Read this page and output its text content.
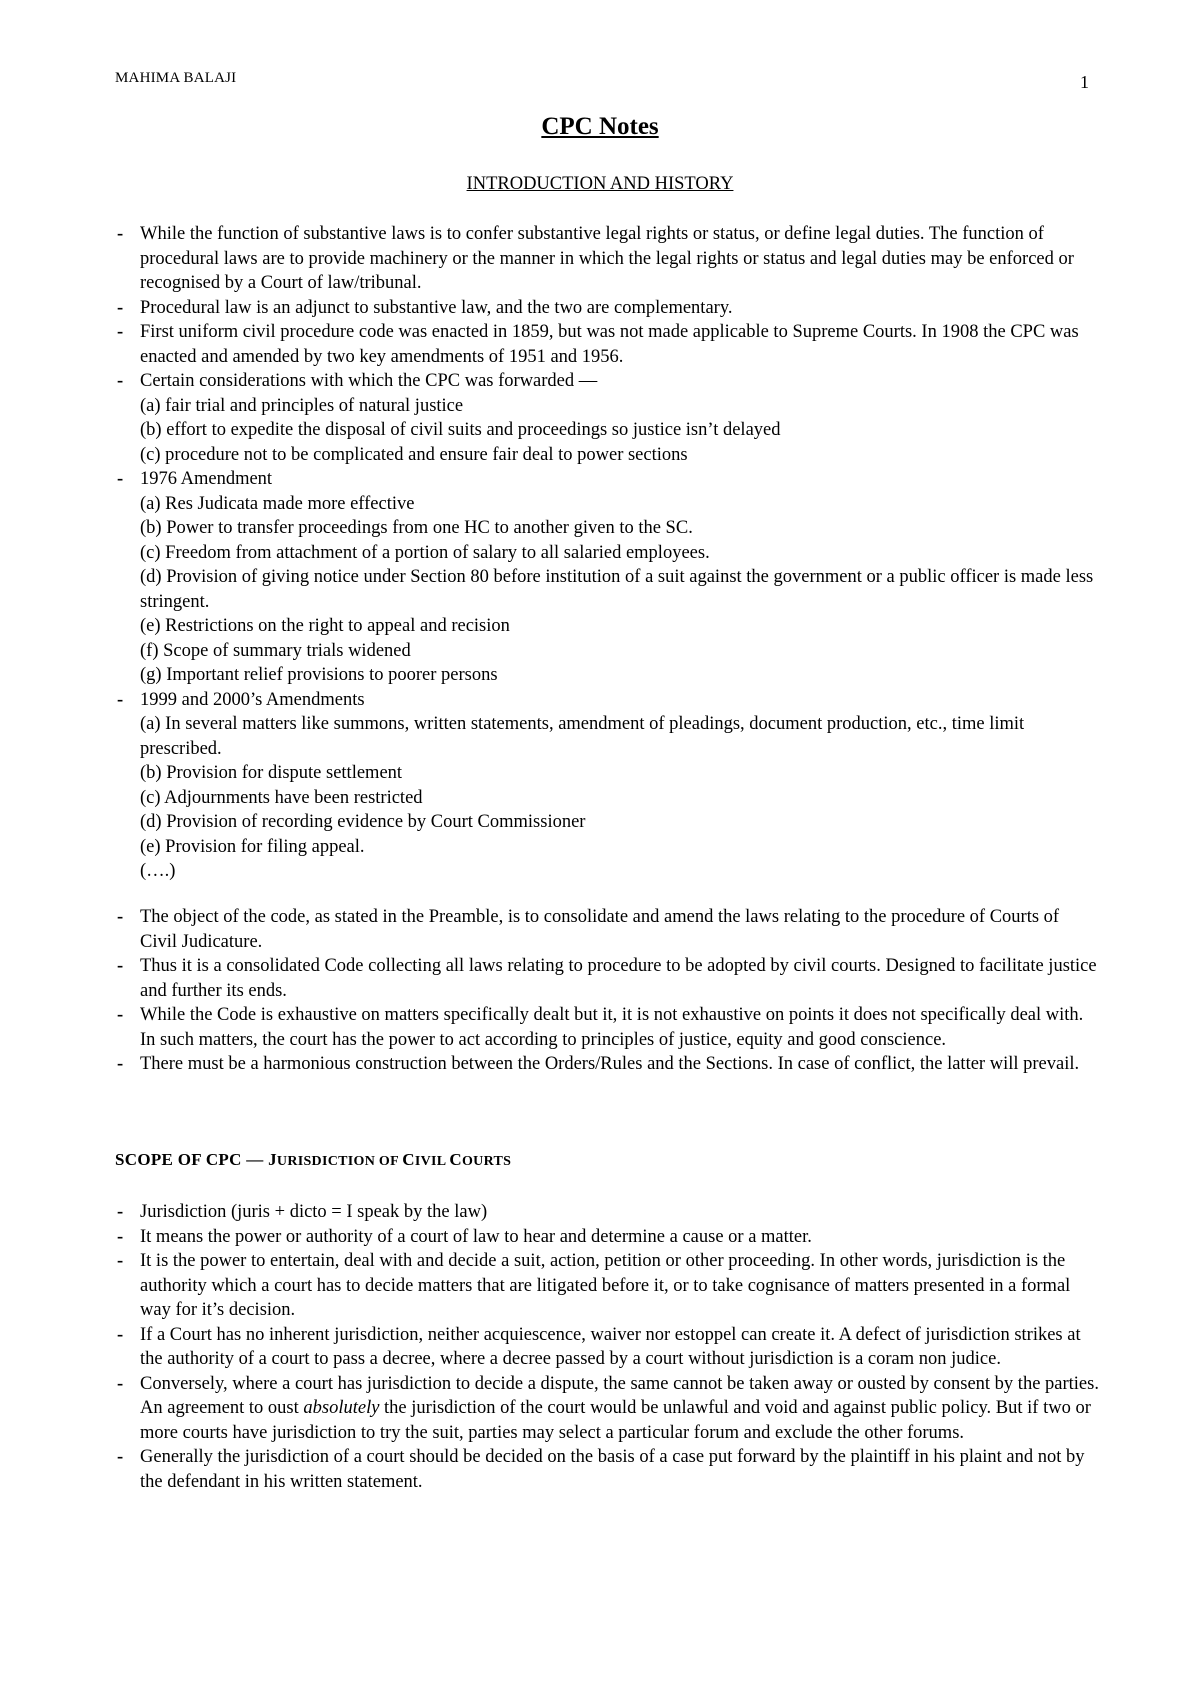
MAHIMA BALAJI	1
CPC Notes
INTRODUCTION AND HISTORY
- While the function of substantive laws is to confer substantive legal rights or status, or define legal duties. The function of procedural laws are to provide machinery or the manner in which the legal rights or status and legal duties may be enforced or recognised by a Court of law/tribunal.
- Procedural law is an adjunct to substantive law, and the two are complementary.
- First uniform civil procedure code was enacted in 1859, but was not made applicable to Supreme Courts. In 1908 the CPC was enacted and amended by two key amendments of 1951 and 1956.
- Certain considerations with which the CPC was forwarded —
(a) fair trial and principles of natural justice
(b) effort to expedite the disposal of civil suits and proceedings so justice isn’t delayed
(c) procedure not to be complicated and ensure fair deal to power sections
- 1976 Amendment
(a) Res Judicata made more effective
(b) Power to transfer proceedings from one HC to another given to the SC.
(c) Freedom from attachment of a portion of salary to all salaried employees.
(d) Provision of giving notice under Section 80 before institution of a suit against the government or a public officer is made less stringent.
(e) Restrictions on the right to appeal and recision
(f) Scope of summary trials widened
(g) Important relief provisions to poorer persons
- 1999 and 2000’s Amendments
(a) In several matters like summons, written statements, amendment of pleadings, document production, etc., time limit prescribed.
(b) Provision for dispute settlement
(c) Adjournments have been restricted
(d) Provision of recording evidence by Court Commissioner
(e) Provision for filing appeal.
(….)
- The object of the code, as stated in the Preamble, is to consolidate and amend the laws relating to the procedure of Courts of Civil Judicature.
- Thus it is a consolidated Code collecting all laws relating to procedure to be adopted by civil courts. Designed to facilitate justice and further its ends.
- While the Code is exhaustive on matters specifically dealt but it, it is not exhaustive on points it does not specifically deal with. In such matters, the court has the power to act according to principles of justice, equity and good conscience.
- There must be a harmonious construction between the Orders/Rules and the Sections. In case of conflict, the latter will prevail.
SCOPE OF CPC — JURISDICTION OF CIVIL COURTS
- Jurisdiction (juris + dicto = I speak by the law)
- It means the power or authority of a court of law to hear and determine a cause or a matter.
- It is the power to entertain, deal with and decide a suit, action, petition or other proceeding. In other words, jurisdiction is the authority which a court has to decide matters that are litigated before it, or to take cognisance of matters presented in a formal way for it’s decision.
- If a Court has no inherent jurisdiction, neither acquiescence, waiver nor estoppel can create it. A defect of jurisdiction strikes at the authority of a court to pass a decree, where a decree passed by a court without jurisdiction is a coram non judice.
- Conversely, where a court has jurisdiction to decide a dispute, the same cannot be taken away or ousted by consent by the parties. An agreement to oust absolutely the jurisdiction of the court would be unlawful and void and against public policy. But if two or more courts have jurisdiction to try the suit, parties may select a particular forum and exclude the other forums.
- Generally the jurisdiction of a court should be decided on the basis of a case put forward by the plaintiff in his plaint and not by the defendant in his written statement.
